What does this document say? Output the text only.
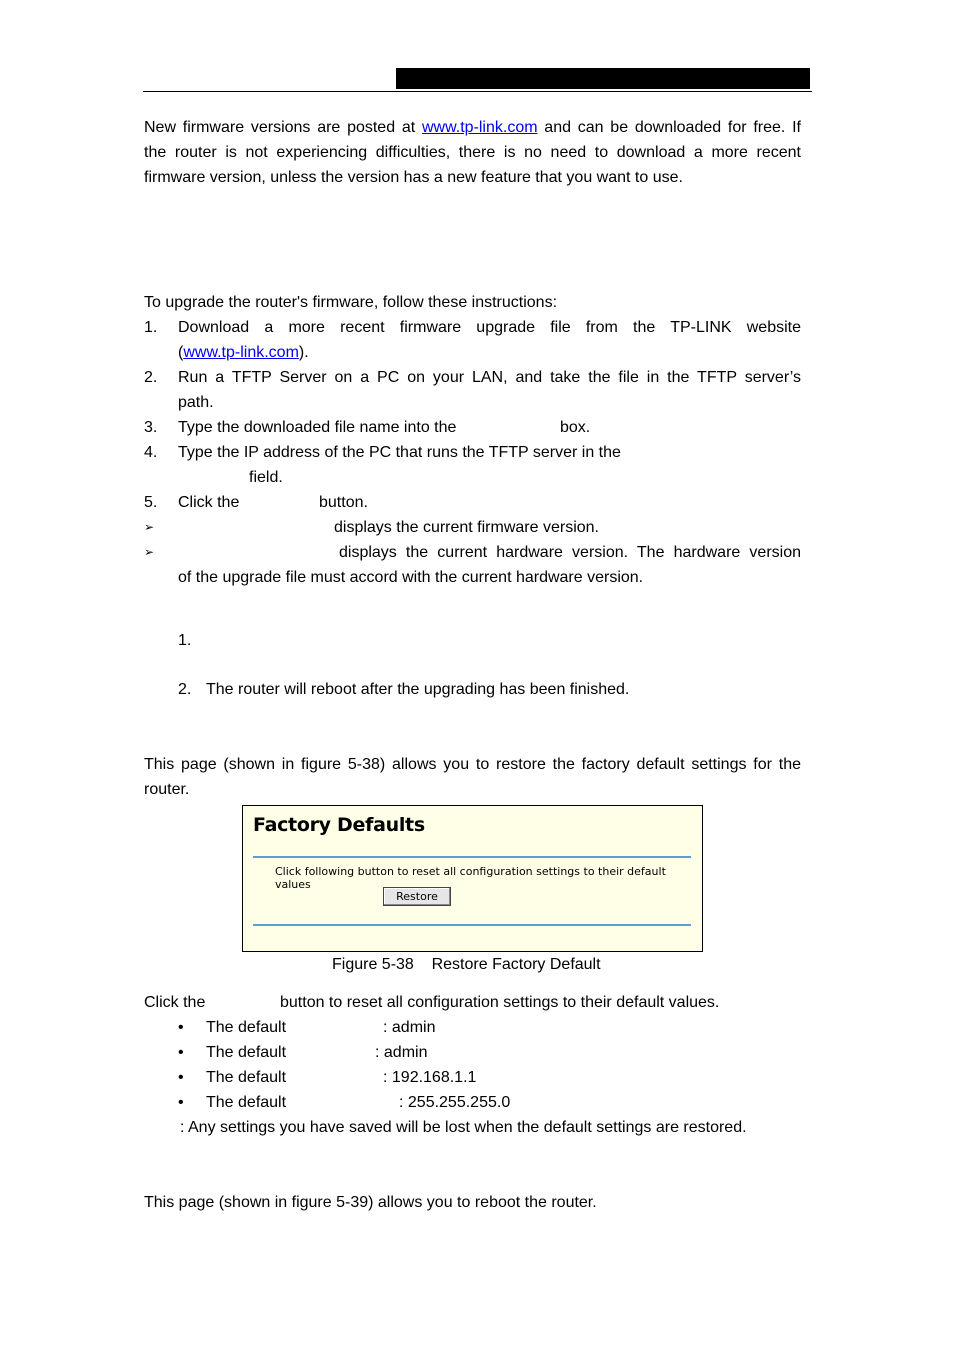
New firmware versions are posted at www.tp-link.com and can be downloaded for free. If
the router is not experiencing difficulties, there is no need to download a more recent
firmware version, unless the version has a new feature that you want to use.
To upgrade the router's firmware, follow these instructions:
1. Download a more recent firmware upgrade file from the TP-LINK website
(www.tp-link.com).
2. Run a TFTP Server on a PC on your LAN, and take the file in the TFTP server’s
path.
3. Type the downloaded file name into the	box.
4. Type the IP address of the PC that runs the TFTP server in the
field.
5. Click the	button.
➢	displays the current firmware version.
➢	displays the current hardware version. The hardware version
of the upgrade file must accord with the current hardware version.
1.
2. The router will reboot after the upgrading has been finished.
This page (shown in figure 5-38) allows you to restore the factory default settings for the
router.
Factory Defaults
Click following button to reset all configuration settings to their default values
Restore
Figure 5-38    Restore Factory Default
Click the	button to reset all configuration settings to their default values.
• The default	: admin
• The default	: admin
• The default	: 192.168.1.1
• The default	: 255.255.255.0
: Any settings you have saved will be lost when the default settings are restored.
This page (shown in figure 5-39) allows you to reboot the router.
